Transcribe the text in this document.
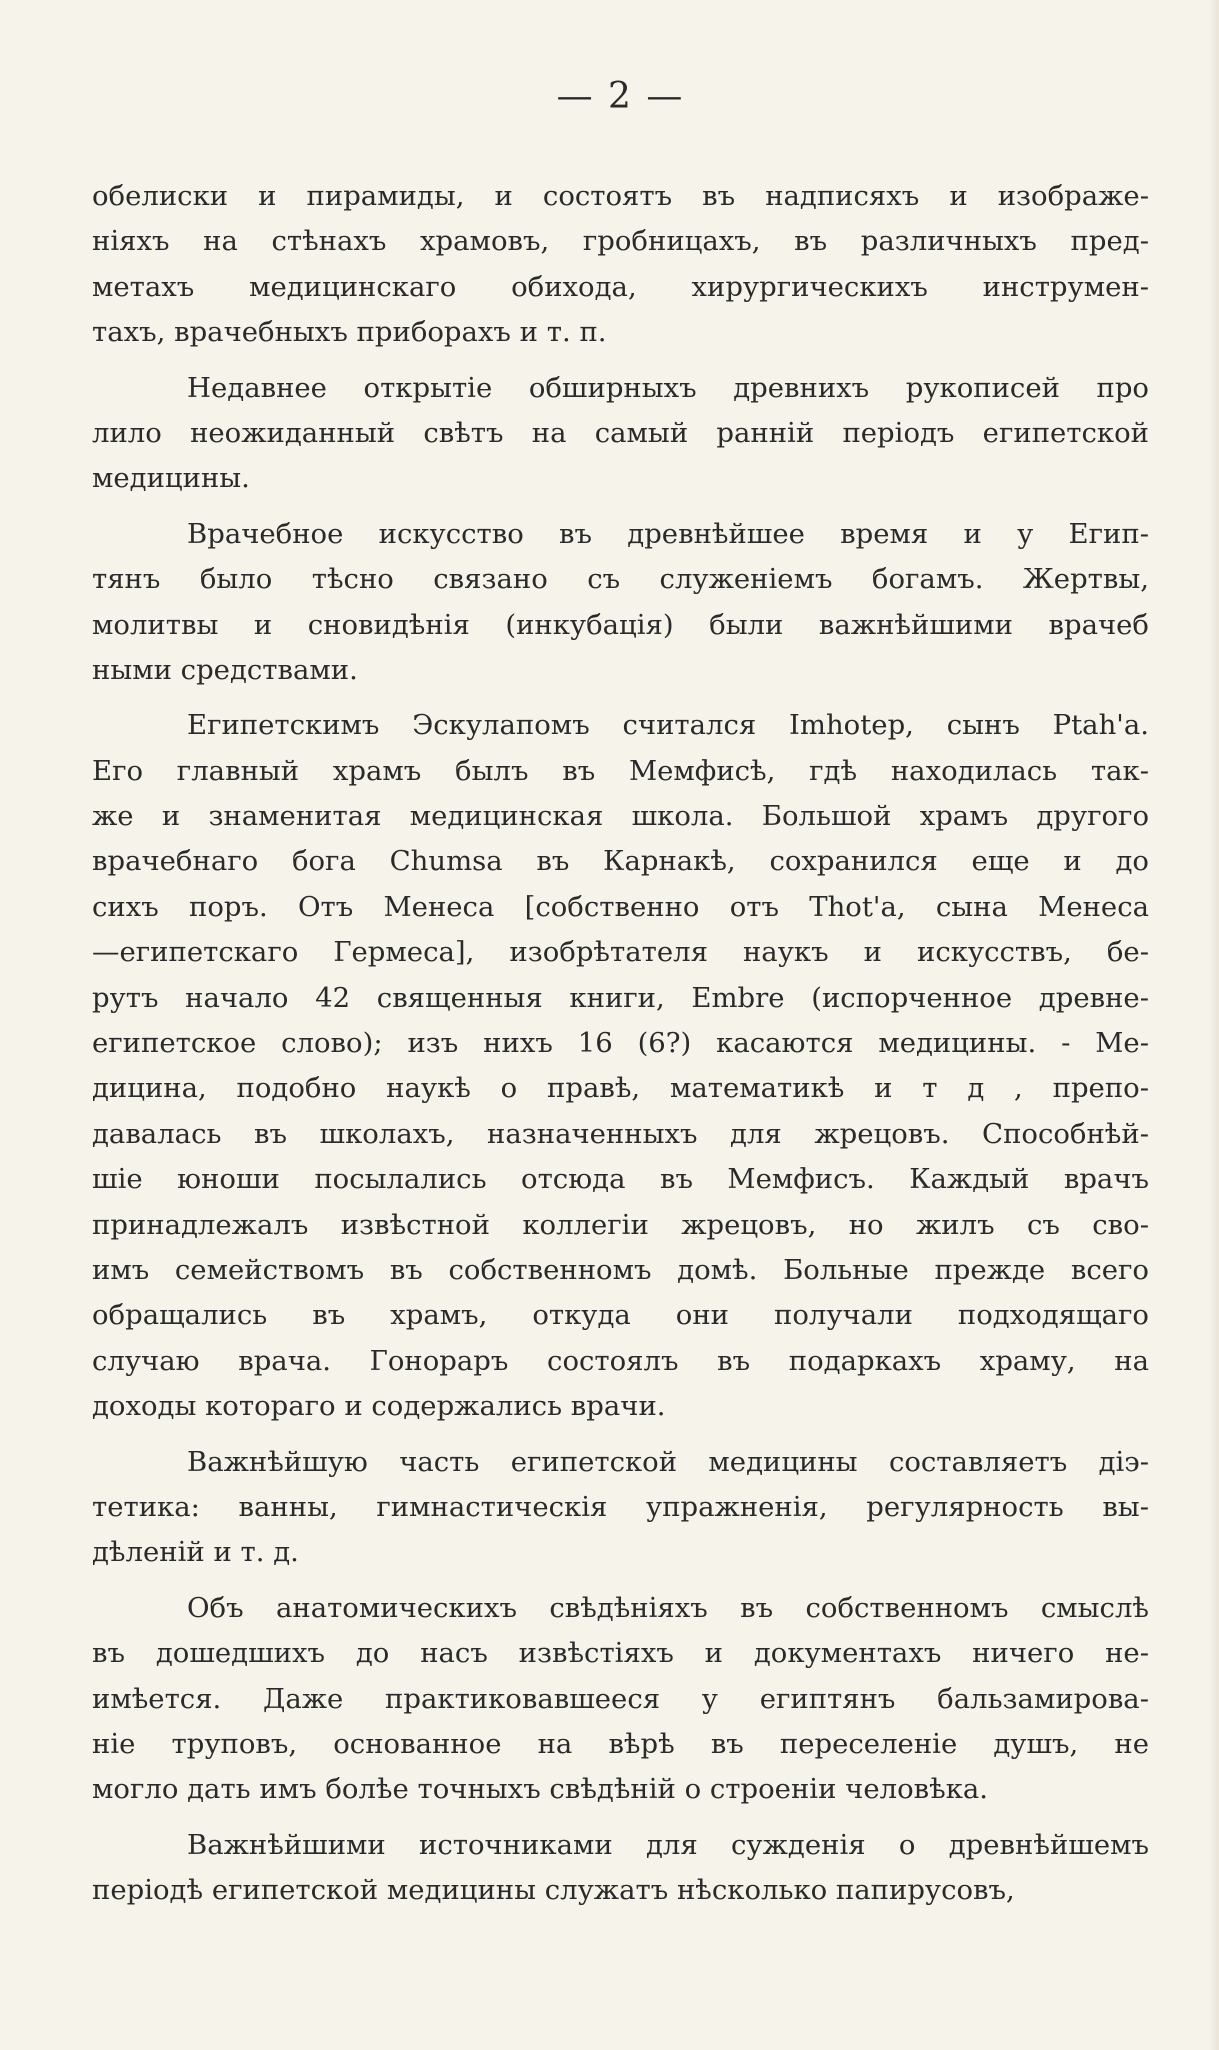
— 2 —
обелиски и пирамиды, и состоятъ въ надписяхъ и изображе-
ніяхъ на стѣнахъ храмовъ, гробницахъ, въ различныхъ пред-
метахъ медицинскаго обихода, хирургическихъ инструмен-
тахъ, врачебныхъ приборахъ и т. п.
Недавнее открытіе обширныхъ древнихъ рукописей про
лило неожиданный свѣтъ на самый ранній періодъ египетской
медицины.
Врачебное искусство въ древнѣйшее время и у Егип-
тянъ было тѣсно связано съ служеніемъ богамъ. Жертвы,
молитвы и сновидѣнія (инкубація) были важнѣйшими врачеб
ными средствами.
Египетскимъ Эскулапомъ считался Imhotep, сынъ Ptah'а.
Его главный храмъ былъ въ Мемфисѣ, гдѣ находилась так-
же и знаменитая медицинская школа. Большой храмъ другого
врачебнаго бога Chumsa въ Карнакѣ, сохранился еще и до
сихъ поръ. Отъ Менеса [собственно отъ Thot'а, сына Менеса
—египетскаго Гермеса], изобрѣтателя наукъ и искусствъ, бе-
рутъ начало 42 священныя книги, Embre (испорченное древне-
египетское слово); изъ нихъ 16 (6?) касаются медицины. - Ме-
дицина, подобно наукѣ о правѣ, математикѣ и т д , препо-
давалась въ школахъ, назначенныхъ для жрецовъ. Способнѣй-
шіе юноши посылались отсюда въ Мемфисъ. Каждый врачъ
принадлежалъ извѣстной коллегіи жрецовъ, но жилъ съ сво-
имъ семействомъ въ собственномъ домѣ. Больные прежде всего
обращались въ храмъ, откуда они получали подходящаго
случаю врача. Гонораръ состоялъ въ подаркахъ храму, на
доходы котораго и содержались врачи.
Важнѣйшую часть египетской медицины составляетъ діэ-
тетика: ванны, гимнастическія упражненія, регулярность вы-
дѣленій и т. д.
Объ анатомическихъ свѣдѣніяхъ въ собственномъ смыслѣ
въ дошедшихъ до насъ извѣстіяхъ и документахъ ничего не-
имѣется. Даже практиковавшееся у египтянъ бальзамирова-
ніе труповъ, основанное на вѣрѣ въ переселеніе душъ, не
могло дать имъ болѣе точныхъ свѣдѣній о строеніи человѣка.
Важнѣйшими источниками для сужденія о древнѣйшемъ
періодѣ египетской медицины служатъ нѣсколько папирусовъ,
